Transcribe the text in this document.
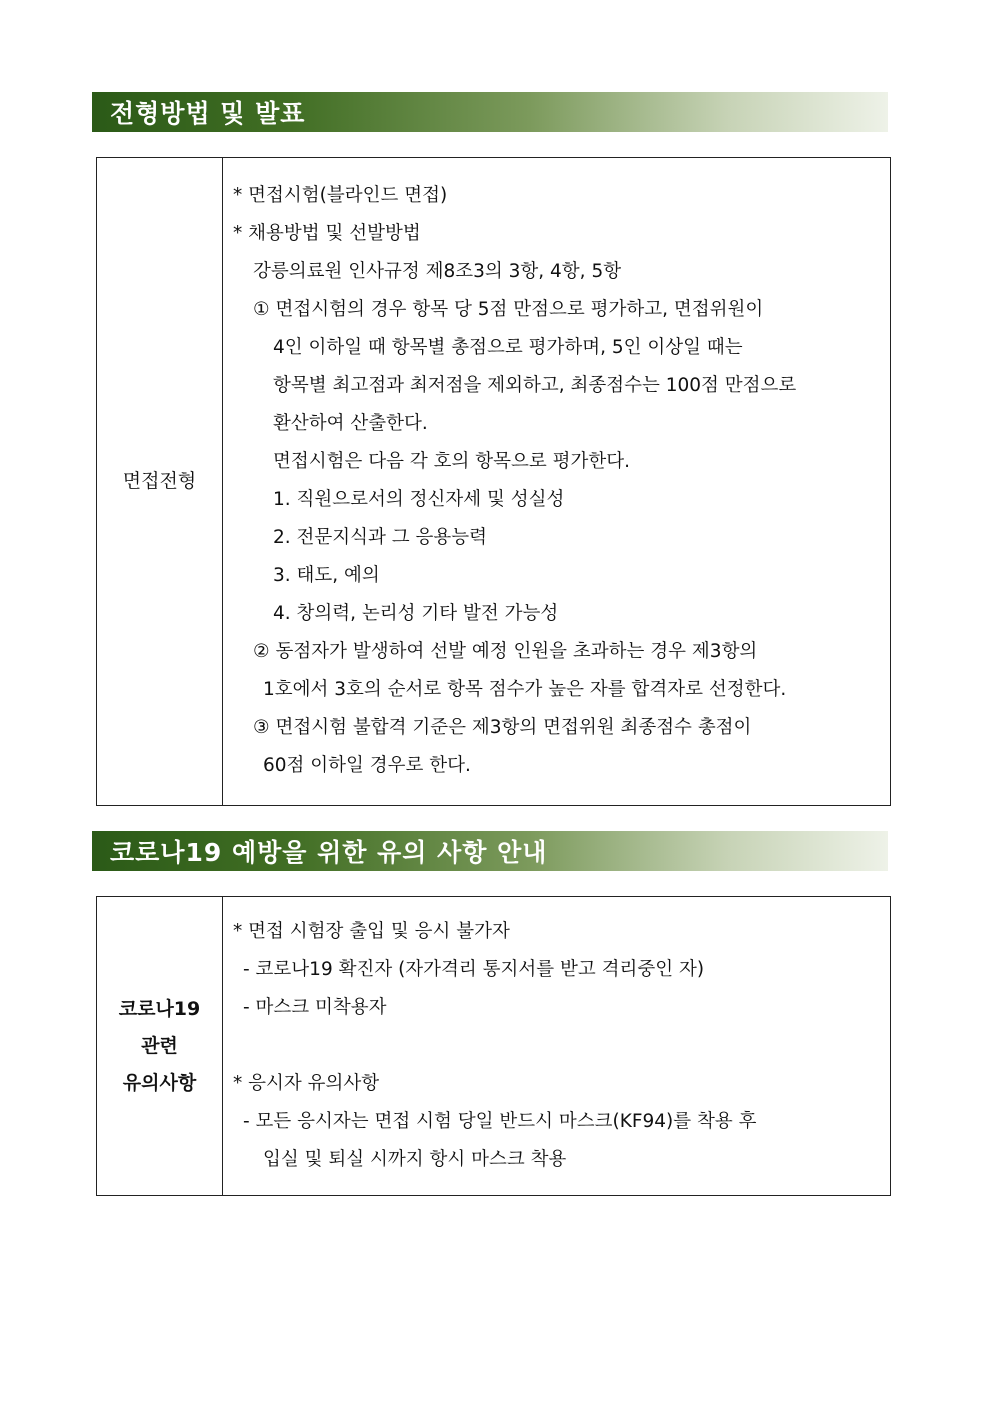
전형방법 및 발표
면접전형
* 면접시험(블라인드 면접)
* 채용방법 및 선발방법
강릉의료원 인사규정 제8조3의 3항, 4항, 5항
① 면접시험의 경우 항목 당 5점 만점으로 평가하고, 면접위원이
4인 이하일 때 항목별 총점으로 평가하며, 5인 이상일 때는
항목별 최고점과 최저점을 제외하고, 최종점수는 100점 만점으로
환산하여 산출한다.
면접시험은 다음 각 호의 항목으로 평가한다.
1. 직원으로서의 정신자세 및 성실성
2. 전문지식과 그 응용능력
3. 태도, 예의
4. 창의력, 논리성 기타 발전 가능성
② 동점자가 발생하여 선발 예정 인원을 초과하는 경우 제3항의
1호에서 3호의 순서로 항목 점수가 높은 자를 합격자로 선정한다.
③ 면접시험 불합격 기준은 제3항의 면접위원 최종점수 총점이
60점 이하일 경우로 한다.
코로나19 예방을 위한 유의 사항 안내
코로나19
관련
유의사항
* 면접 시험장 출입 및 응시 불가자
- 코로나19 확진자 (자가격리 통지서를 받고 격리중인 자)
- 마스크 미착용자
* 응시자 유의사항
- 모든 응시자는 면접 시험 당일 반드시 마스크(KF94)를 착용 후
입실 및 퇴실 시까지 항시 마스크 착용
